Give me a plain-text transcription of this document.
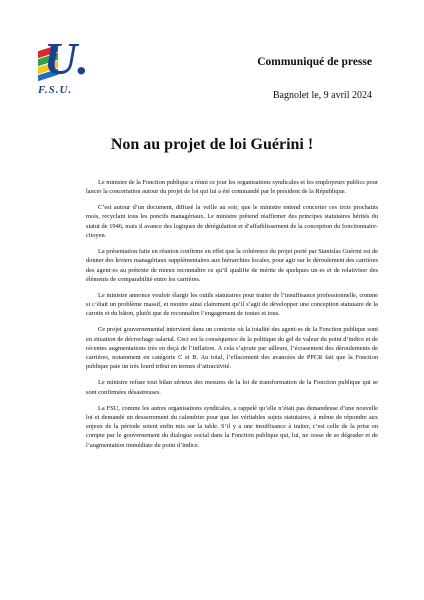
U.
F.S.U.
Communiqué de presse
Bagnolet le, 9 avril 2024
Non au projet de loi Guérini !

Le ministre de la Fonction publique a réuni ce jour les organisations syndicales et les employeurs publics pour lancer la concertation autour du projet de loi qui lui a été commandé par le président de la République.

C’est autour d’un document, diffusé la veille au soir, que le ministre entend concerter ces trois prochains mois, recyclant tous les poncifs managériaux. Le ministre prétend réaffirmer des principes statutaires hérités du statut de 1946, mais il avance des logiques de dérégulation et d’affaiblissement de la conception du fonctionnaire-citoyen.

La présentation faite en réunion confirme en effet que la cohérence du projet porté par Stanislas Guérini est de donner des leviers managériaux supplémentaires aux hiérarchies locales, pour agir sur le déroulement des carrières des agent·es au prétexte de mieux reconnaître ce qu’il qualifie de mérite de quelques un·es et de relativiser des éléments de comparabilité entre les carrières.

Le ministre annonce vouloir élargir les outils statutaires pour traiter de l’insuffisance professionnelle, comme si c’était un problème massif, et montre ainsi clairement qu’il s’agit de développer une conception statutaire de la carotte et du bâton, plutôt que de reconnaître l’engagement de toutes et tous.

Ce projet gouvernemental intervient dans un contexte où la totalité des agent·es de la Fonction publique sont en situation de décrochage salarial. Ceci est la conséquence de la politique du gel de valeur du point d’indice et de récentes augmentations très en deçà de l’inflation. A cela s’ajoute par ailleurs, l’écrasement des déroulements de carrières, notamment en catégorie C et B. Au total, l’effacement des avancées de PPCR fait que la Fonction publique paie un très lourd tribut en termes d’attractivité.

Le ministre refuse tout bilan sérieux des mesures de la loi de transformation de la Fonction publique qui se sont confirmées désastreuses.

La FSU, comme les autres organisations syndicales, a rappelé qu’elle n’était pas demandeuse d’une nouvelle loi et demandé un desserrement du calendrier pour que les véritables sujets statutaires, à même de répondre aux enjeux de la période soient enfin mis sur la table. S’il y a une insuffisance à traiter, c’est celle de la prise en compte par le gouvernement du dialogue social dans la Fonction publique qui, lui, ne cesse de se dégrader et de l’augmentation immédiate du point d’indice.
